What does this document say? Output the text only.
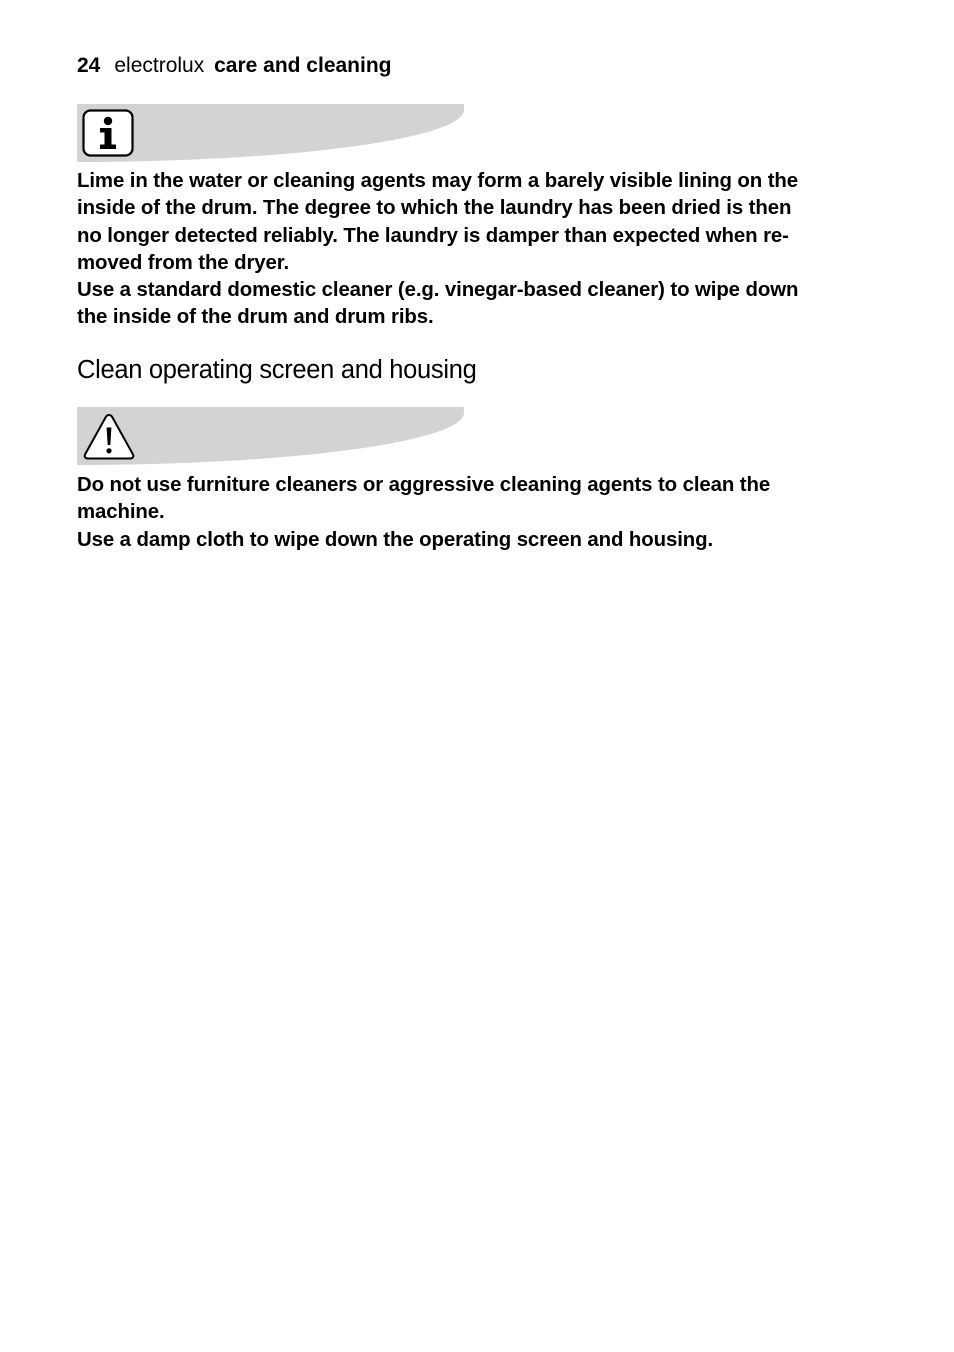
24 electrolux care and cleaning

Lime in the water or cleaning agents may form a barely visible lining on the

inside of the drum. The degree to which the laundry has been dried is then

no longer detected reliably. The laundry is damper than expected when re-

moved from the dryer.

Use a standard domestic cleaner (e.g. vinegar-based cleaner) to wipe down

the inside of the drum and drum ribs.

Clean operating screen and housing

Do not use furniture cleaners or aggressive cleaning agents to clean the

machine.

Use a damp cloth to wipe down the operating screen and housing.
